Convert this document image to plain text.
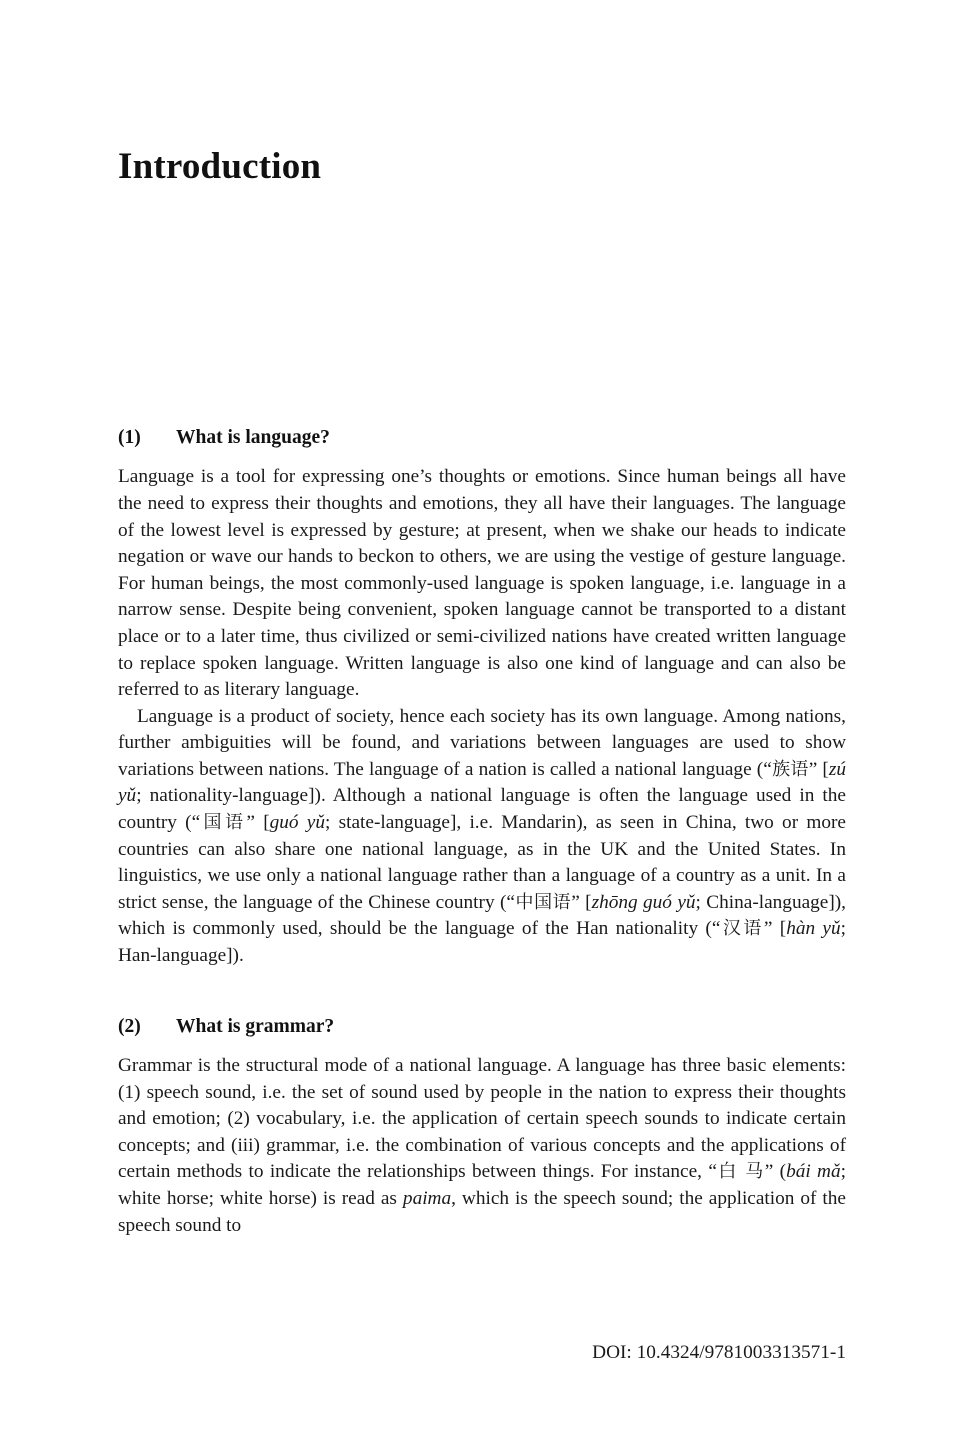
Introduction
(1) What is language?

Language is a tool for expressing one’s thoughts or emotions. Since human beings all have the need to express their thoughts and emotions, they all have their languages. The language of the lowest level is expressed by gesture; at present, when we shake our heads to indicate negation or wave our hands to beckon to others, we are using the vestige of gesture language. For human beings, the most commonly-used language is spoken language, i.e. language in a narrow sense. Despite being convenient, spoken language cannot be transported to a distant place or to a later time, thus civilized or semi-civilized nations have created written language to replace spoken language. Written language is also one kind of language and can also be referred to as literary language.

Language is a product of society, hence each society has its own language. Among nations, further ambiguities will be found, and variations between languages are used to show variations between nations. The language of a nation is called a national language (“族语” [zú yǔ; nationality-language]). Although a national language is often the language used in the country (“国语” [guó yǔ; state-language], i.e. Mandarin), as seen in China, two or more countries can also share one national language, as in the UK and the United States. In linguistics, we use only a national language rather than a language of a country as a unit. In a strict sense, the language of the Chinese country (“中国语” [zhōng guó yǔ; China-language]), which is commonly used, should be the language of the Han nationality (“汉语” [hàn yǔ; Han-language]).

(2) What is grammar?

Grammar is the structural mode of a national language. A language has three basic elements: (1) speech sound, i.e. the set of sound used by people in the nation to express their thoughts and emotion; (2) vocabulary, i.e. the application of certain speech sounds to indicate certain concepts; and (iii) grammar, i.e. the combination of various concepts and the applications of certain methods to indicate the relationships between things. For instance, “白 马” (bái mǎ; white horse; white horse) is read as paima, which is the speech sound; the application of the speech sound to

DOI: 10.4324/9781003313571-1
